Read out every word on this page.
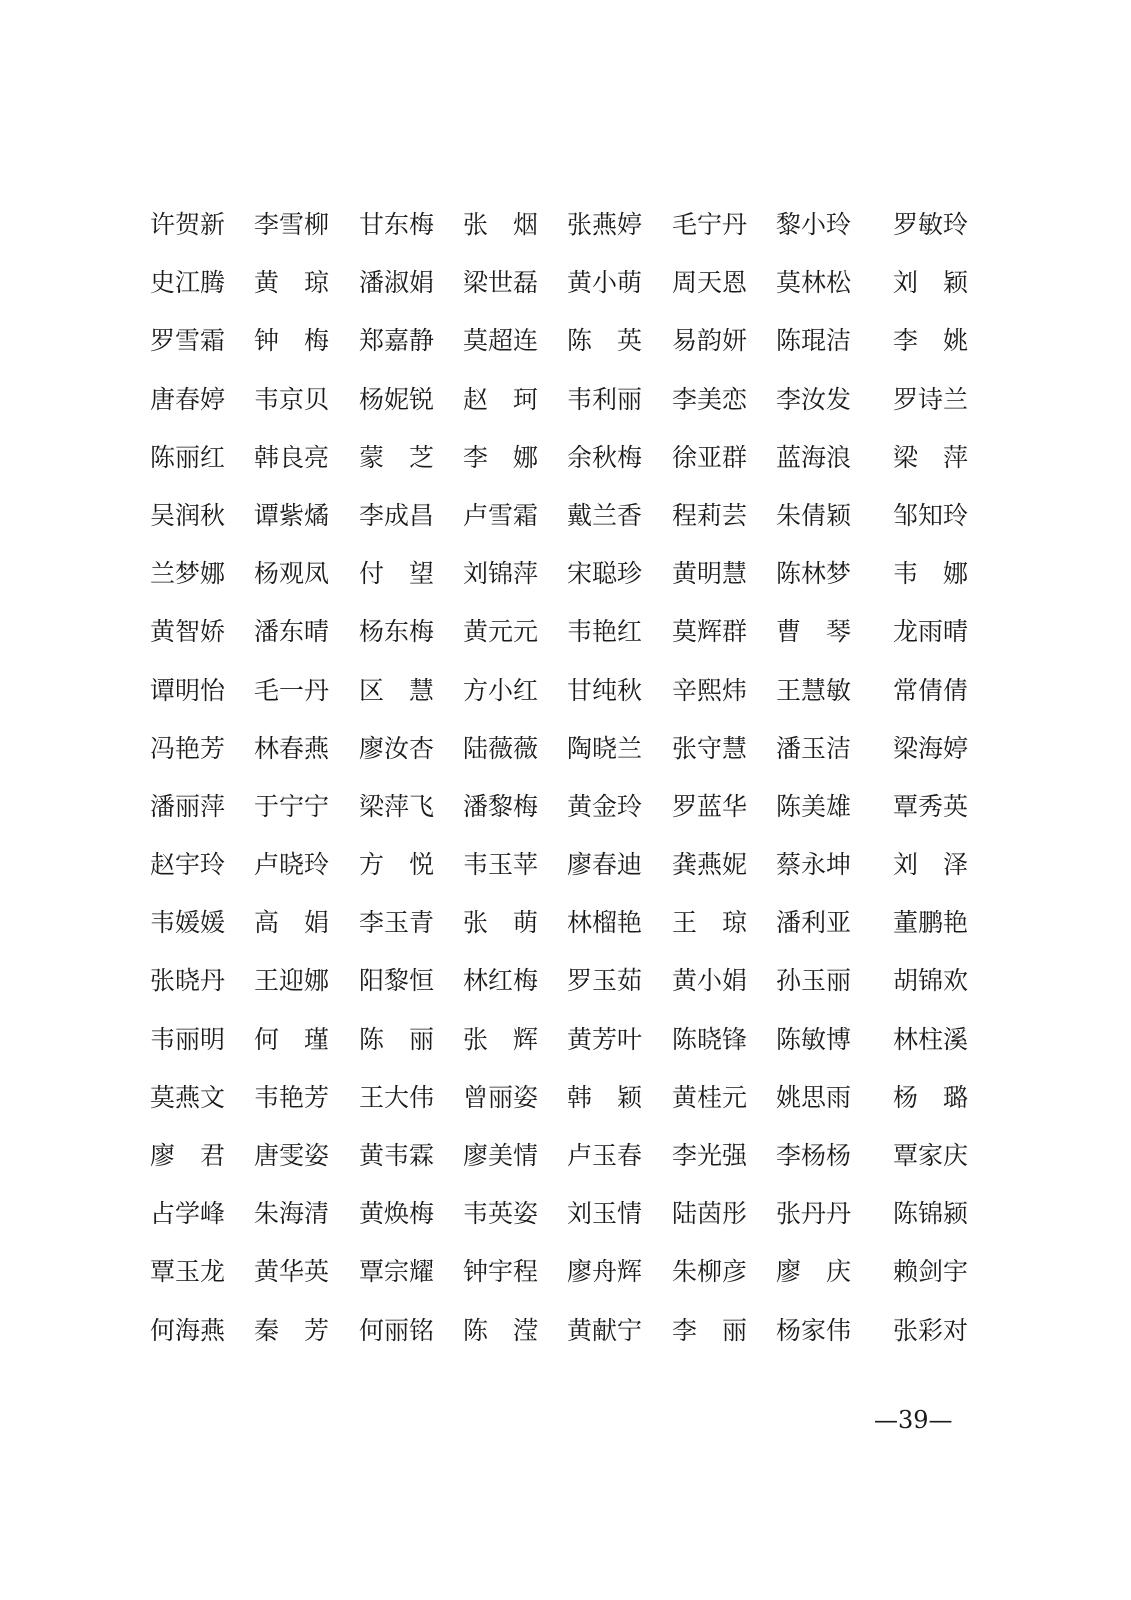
许贺新 李雪柳 甘东梅 张　烟 张燕婷 毛宁丹 黎小玲 罗敏玲
史江腾 黄　琼 潘淑娟 梁世磊 黄小萌 周天恩 莫林松 刘　颖
罗雪霜 钟　梅 郑嘉静 莫超连 陈　英 易韵妍 陈琨洁 李　姚
唐春婷 韦京贝 杨妮锐 赵　珂 韦利丽 李美恋 李汝发 罗诗兰
陈丽红 韩良亮 蒙　芝 李　娜 余秋梅 徐亚群 蓝海浪 梁　萍
吴润秋 谭紫燏 李成昌 卢雪霜 戴兰香 程莉芸 朱倩颖 邹知玲
兰梦娜 杨观凤 付　望 刘锦萍 宋聪珍 黄明慧 陈林梦 韦　娜
黄智娇 潘东晴 杨东梅 黄元元 韦艳红 莫辉群 曹　琴 龙雨晴
谭明怡 毛一丹 区　慧 方小红 甘纯秋 辛熙炜 王慧敏 常倩倩
冯艳芳 林春燕 廖汝杏 陆薇薇 陶晓兰 张守慧 潘玉洁 梁海婷
潘丽萍 于宁宁 梁萍飞 潘黎梅 黄金玲 罗蓝华 陈美雄 覃秀英
赵宇玲 卢晓玲 方　悦 韦玉苹 廖春迪 龚燕妮 蔡永坤 刘　泽
韦媛媛 高　娟 李玉青 张　萌 林榴艳 王　琼 潘利亚 董鹏艳
张晓丹 王迎娜 阳黎恒 林红梅 罗玉茹 黄小娟 孙玉丽 胡锦欢
韦丽明 何　瑾 陈　丽 张　辉 黄芳叶 陈晓锋 陈敏博 林柱溪
莫燕文 韦艳芳 王大伟 曾丽姿 韩　颖 黄桂元 姚思雨 杨　璐
廖　君 唐雯姿 黄韦霖 廖美情 卢玉春 李光强 李杨杨 覃家庆
占学峰 朱海清 黄焕梅 韦英姿 刘玉情 陆茵彤 张丹丹 陈锦颍
覃玉龙 黄华英 覃宗耀 钟宇程 廖舟辉 朱柳彦 廖　庆 赖剑宇
何海燕 秦　芳 何丽铭 陈　滢 黄献宁 李　丽 杨家伟 张彩对
—39—
